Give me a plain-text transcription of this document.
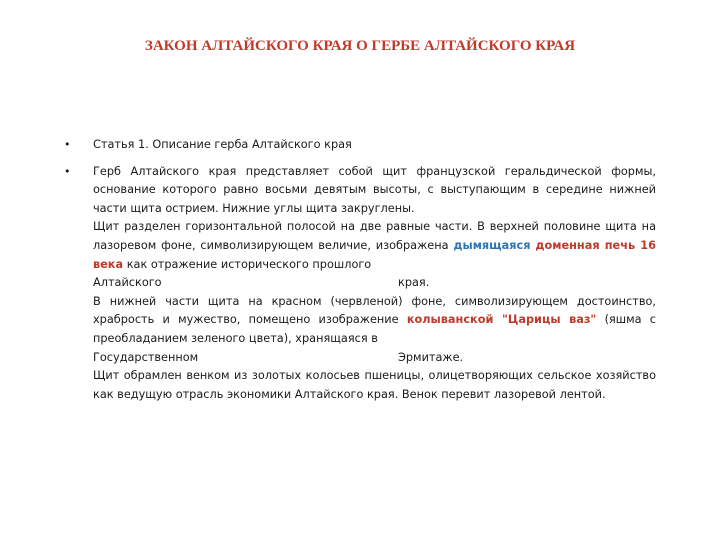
ЗАКОН АЛТАЙСКОГО КРАЯ О ГЕРБЕ АЛТАЙСКОГО КРАЯ
•	Статья 1. Описание герба Алтайского края
•	Герб Алтайского края представляет собой щит французской геральдической формы, основание которого равно восьми девятым высоты, с выступающим в середине нижней части щита острием. Нижние углы щита закруглены.
Щит разделен горизонтальной полосой на две равные части. В верхней половине щита на лазоревом фоне, символизирующем величие, изображена дымящаяся доменная печь 16 века как отражение исторического прошлого
Алтайского	края.
В нижней части щита на красном (червленой) фоне, символизирующем достоинство, храбрость и мужество, помещено изображение колыванской "Царицы ваз" (яшма с преобладанием зеленого цвета), хранящаяся в
Государственном	Эрмитаже.
Щит обрамлен венком из золотых колосьев пшеницы, олицетворяющих сельское хозяйство как ведущую отрасль экономики Алтайского края. Венок перевит лазоревой лентой.
